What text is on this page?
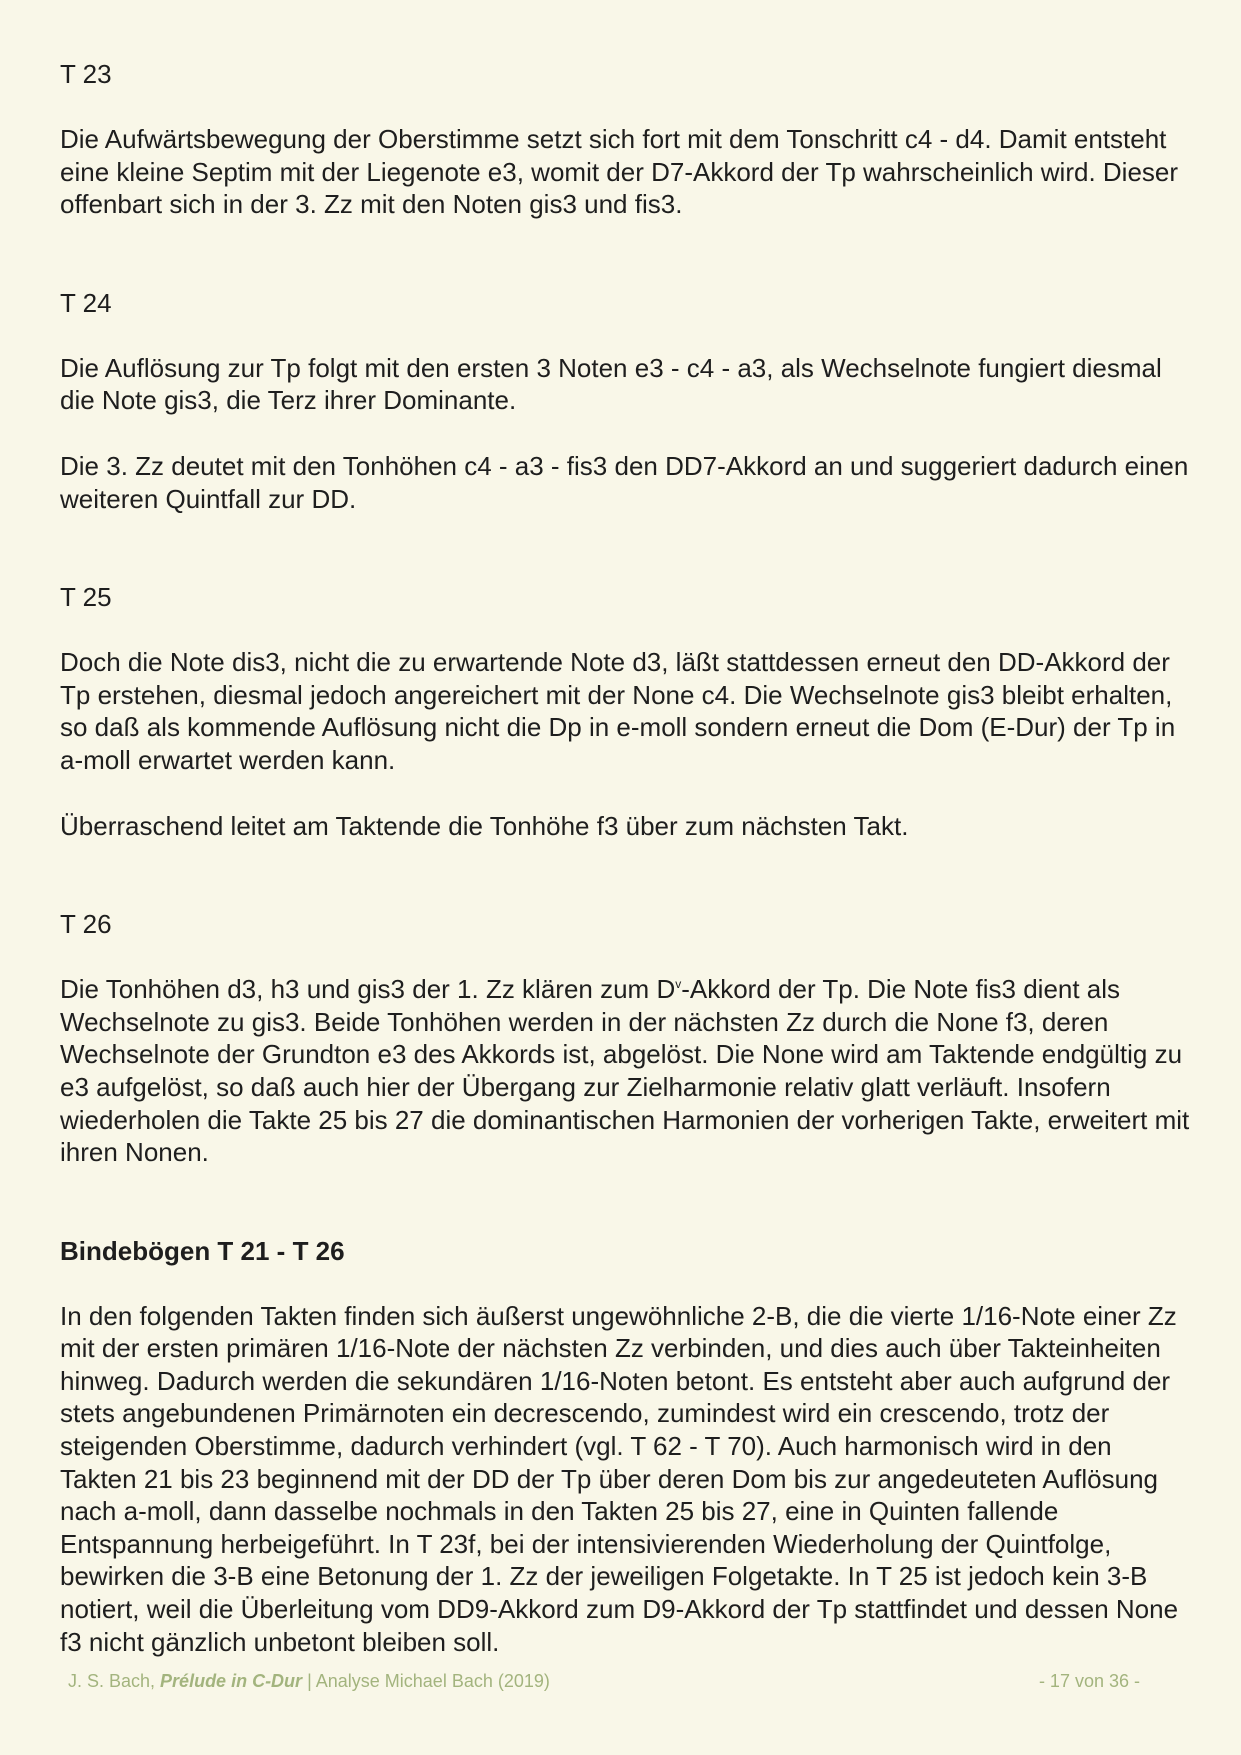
T 23

Die Aufwärtsbewegung der Oberstimme setzt sich fort mit dem Tonschritt c4 - d4. Damit entsteht eine kleine Septim mit der Liegenote e3, womit der D7-Akkord der Tp wahrscheinlich wird. Dieser offenbart sich in der 3. Zz mit den Noten gis3 und fis3.

T 24

Die Auflösung zur Tp folgt mit den ersten 3 Noten e3 - c4 - a3, als Wechselnote fungiert diesmal die Note gis3, die Terz ihrer Dominante.

Die 3. Zz deutet mit den Tonhöhen c4 - a3 - fis3 den DD7-Akkord an und suggeriert dadurch einen weiteren Quintfall zur DD.

T 25

Doch die Note dis3, nicht die zu erwartende Note d3, läßt stattdessen erneut den DD-Akkord der Tp erstehen, diesmal jedoch angereichert mit der None c4. Die Wechselnote gis3 bleibt erhalten, so daß als kommende Auflösung nicht die Dp in e-moll sondern erneut die Dom (E-Dur) der Tp in a-moll erwartet werden kann.

Überraschend leitet am Taktende die Tonhöhe f3 über zum nächsten Takt.

T 26

Die Tonhöhen d3, h3 und gis3 der 1. Zz klären zum $D^v$-Akkord der Tp. Die Note fis3 dient als Wechselnote zu gis3. Beide Tonhöhen werden in der nächsten Zz durch die None f3, deren Wechselnote der Grundton e3 des Akkords ist, abgelöst. Die None wird am Taktende endgültig zu e3 aufgelöst, so daß auch hier der Übergang zur Zielharmonie relativ glatt verläuft. Insofern wiederholen die Takte 25 bis 27 die dominantischen Harmonien der vorherigen Takte, erweitert mit ihren Nonen.

Bindebögen T 21 - T 26

In den folgenden Takten finden sich äußerst ungewöhnliche 2-B, die die vierte 1/16-Note einer Zz mit der ersten primären 1/16-Note der nächsten Zz verbinden, und dies auch über Takteinheiten hinweg. Dadurch werden die sekundären 1/16-Noten betont. Es entsteht aber auch aufgrund der stets angebundenen Primärnoten ein decrescendo, zumindest wird ein crescendo, trotz der steigenden Oberstimme, dadurch verhindert (vgl. T 62 - T 70). Auch harmonisch wird in den Takten 21 bis 23 beginnend mit der DD der Tp über deren Dom bis zur angedeuteten Auflösung nach a-moll, dann dasselbe nochmals in den Takten 25 bis 27, eine in Quinten fallende Entspannung herbeigeführt. In T 23f, bei der intensivierenden Wiederholung der Quintfolge, bewirken die 3-B eine Betonung der 1. Zz der jeweiligen Folgetakte. In T 25 ist jedoch kein 3-B notiert, weil die Überleitung vom DD9-Akkord zum D9-Akkord der Tp stattfindet und dessen None f3 nicht gänzlich unbetont bleiben soll.

J. S. Bach, Prélude in C-Dur | Analyse Michael Bach (2019)	- 17 von 36 -
